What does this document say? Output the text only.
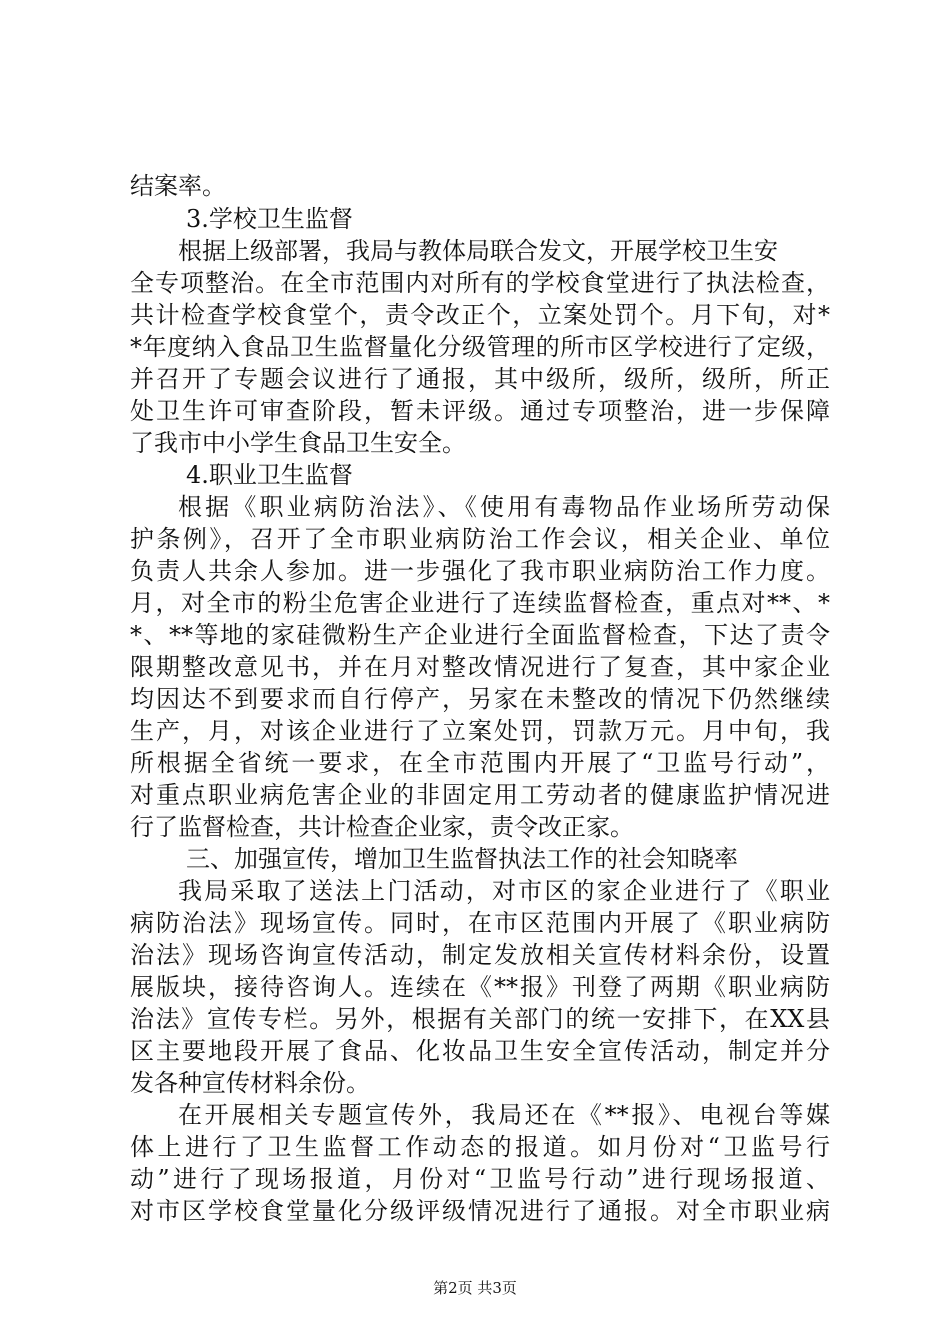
结案率。
3.学校卫生监督
根据上级部署，我局与教体局联合发文，开展学校卫生安
全专项整治。在全市范围内对所有的学校食堂进行了执法检查，
共计检查学校食堂个，责令改正个，立案处罚个。月下旬，对*
*年度纳入食品卫生监督量化分级管理的所市区学校进行了定级，
并召开了专题会议进行了通报，其中级所，级所，级所，所正
处卫生许可审查阶段，暂未评级。通过专项整治，进一步保障
了我市中小学生食品卫生安全。
4.职业卫生监督
根据《职业病防治法》、《使用有毒物品作业场所劳动保
护条例》，召开了全市职业病防治工作会议，相关企业、单位
负责人共余人参加。进一步强化了我市职业病防治工作力度。
月，对全市的粉尘危害企业进行了连续监督检查，重点对**、*
*、**等地的家硅微粉生产企业进行全面监督检查，下达了责令
限期整改意见书，并在月对整改情况进行了复查，其中家企业
均因达不到要求而自行停产，另家在未整改的情况下仍然继续
生产，月，对该企业进行了立案处罚，罚款万元。月中旬，我
所根据全省统一要求，在全市范围内开展了“卫监号行动”，
对重点职业病危害企业的非固定用工劳动者的健康监护情况进
行了监督检查，共计检查企业家，责令改正家。
三、加强宣传，增加卫生监督执法工作的社会知晓率
我局采取了送法上门活动，对市区的家企业进行了《职业
病防治法》现场宣传。同时，在市区范围内开展了《职业病防
治法》现场咨询宣传活动，制定发放相关宣传材料余份，设置
展版块，接待咨询人。连续在《**报》刊登了两期《职业病防
治法》宣传专栏。另外，根据有关部门的统一安排下，在XX县
区主要地段开展了食品、化妆品卫生安全宣传活动，制定并分
发各种宣传材料余份。
在开展相关专题宣传外，我局还在《**报》、电视台等媒
体上进行了卫生监督工作动态的报道。如月份对“卫监号行
动”进行了现场报道，月份对“卫监号行动”进行现场报道、
对市区学校食堂量化分级评级情况进行了通报。对全市职业病
第2页 共3页
